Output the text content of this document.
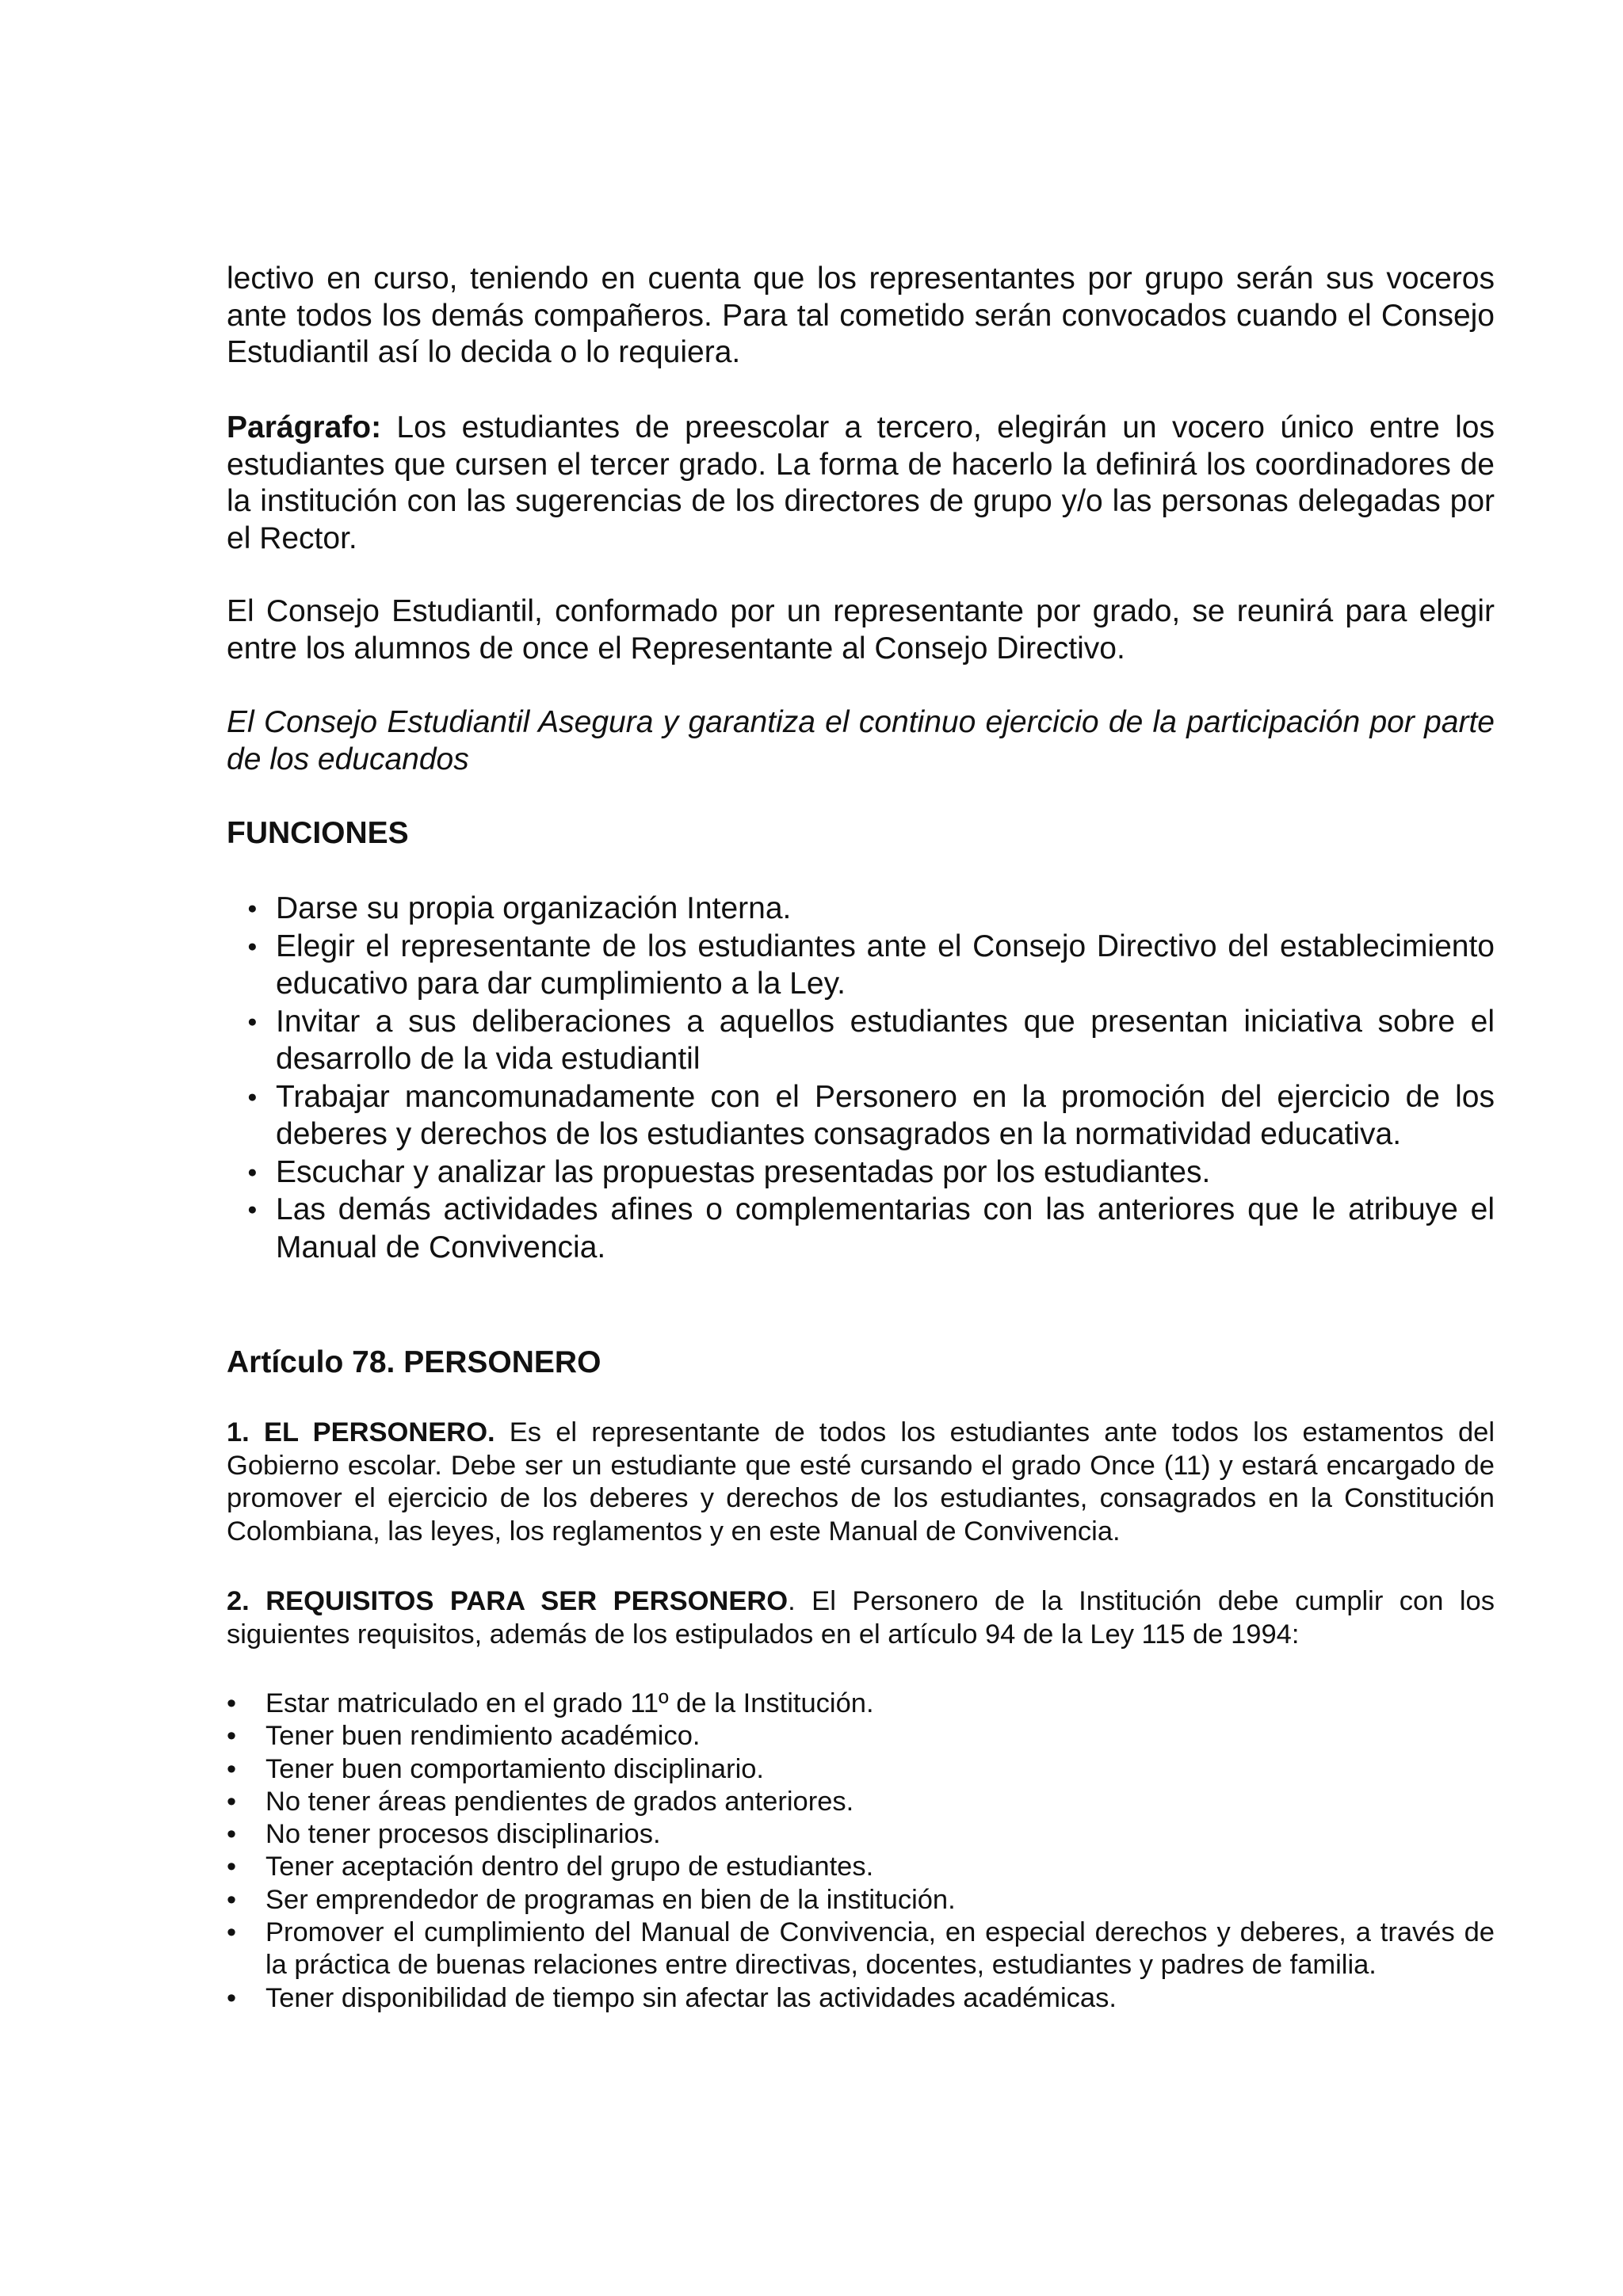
lectivo en curso, teniendo en cuenta que los representantes por grupo serán sus voceros ante todos los demás compañeros. Para tal cometido serán convocados cuando el Consejo Estudiantil así lo decida o lo requiera.

Parágrafo: Los estudiantes de preescolar a tercero, elegirán un vocero único entre los estudiantes que cursen el tercer grado. La forma de hacerlo la definirá los coordinadores de la institución con las sugerencias de los directores de grupo y/o las personas delegadas por el Rector.

El Consejo Estudiantil, conformado por un representante por grado, se reunirá para elegir entre los alumnos de once el Representante al Consejo Directivo.

El Consejo Estudiantil Asegura y garantiza el continuo ejercicio de la participación por parte de los educandos

FUNCIONES

● Darse su propia organización Interna.
● Elegir el representante de los estudiantes ante el Consejo Directivo del establecimiento educativo para dar cumplimiento a la Ley.
● Invitar a sus deliberaciones a aquellos estudiantes que presentan iniciativa sobre el desarrollo de la vida estudiantil
● Trabajar mancomunadamente con el Personero en la promoción del ejercicio de los deberes y derechos de los estudiantes consagrados en la normatividad educativa.
● Escuchar y analizar las propuestas presentadas por los estudiantes.
● Las demás actividades afines o complementarias con las anteriores que le atribuye el Manual de Convivencia.

Artículo 78. PERSONERO

1. EL PERSONERO. Es el representante de todos los estudiantes ante todos los estamentos del Gobierno escolar. Debe ser un estudiante que esté cursando el grado Once (11) y estará encargado de promover el ejercicio de los deberes y derechos de los estudiantes, consagrados en la Constitución Colombiana, las leyes, los reglamentos y en este Manual de Convivencia.

2. REQUISITOS PARA SER PERSONERO. El Personero de la Institución debe cumplir con los siguientes requisitos, además de los estipulados en el artículo 94 de la Ley 115 de 1994:

• Estar matriculado en el grado 11º de la Institución.
• Tener buen rendimiento académico.
• Tener buen comportamiento disciplinario.
• No tener áreas pendientes de grados anteriores.
• No tener procesos disciplinarios.
• Tener aceptación dentro del grupo de estudiantes.
• Ser emprendedor de programas en bien de la institución.
• Promover el cumplimiento del Manual de Convivencia, en especial derechos y deberes, a través de la práctica de buenas relaciones entre directivas, docentes, estudiantes y padres de familia.
• Tener disponibilidad de tiempo sin afectar las actividades académicas.
